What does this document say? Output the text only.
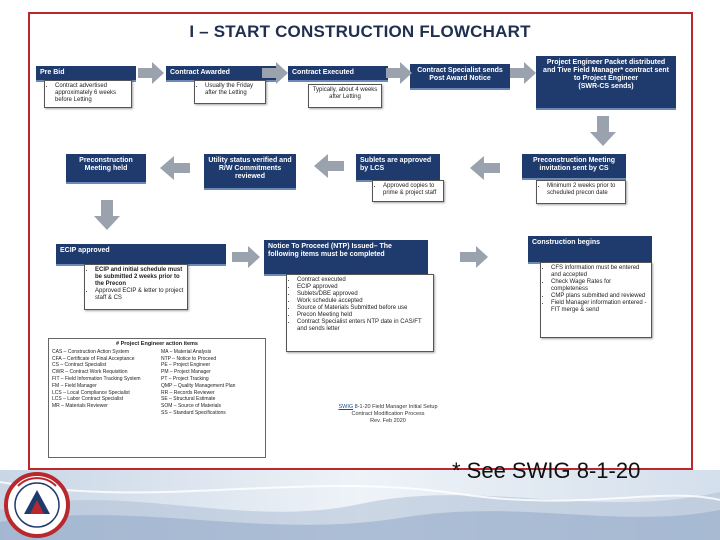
I – START CONSTRUCTION FLOWCHART
Pre Bid
• Contract advertised approximately 6 weeks before Letting
Contract Awarded
• Usually the Friday after the Letting
Contract Executed
Typically, about 4 weeks after Letting
Contract Specialist sends Post Award Notice
Project Engineer Packet distributed and Tive Field Manager* contract sent to Project Engineer
(SWR-CS sends)
Preconstruction Meeting held
Utility status verified and R/W Commitments reviewed
Sublets are approved by LCS
• Approved copies to prime & project staff
Preconstruction Meeting invitation sent by CS
• Minimum 2 weeks prior to scheduled precon date
ECIP approved
• ECIP and initial schedule must be submitted 2 weeks prior to the Precon
• Approved ECIP & letter to project staff & CS
Notice To Proceed (NTP) Issued– The following items must be completed
• Contract executed
• ECIP approved
• Sublets/DBE approved
• Work schedule accepted
• Source of Materials Submitted before use
• Precon Meeting held
• Contract Specialist enters NTP date in CAS/FT and sends letter
Construction begins
• CFS information must be entered and accepted
• Check Wage Rates for completeness
• CMP plans submitted and reviewed
• Field Manager information entered - FIT merge & send
# Project Engineer action items
CAS – Construction Action System
CFA – Certificate of Final Acceptance
CS – Contract Specialist
CWR – Contract Work Requisition
FIT – Field Information Tracking System
FM – Field Manager
LCS – Local Compliance Specialist
LCS – Labor Contract Specialist
MR – Materials Reviewer
MA – Material Analysis
NTP – Notice to Proceed
PE – Project Engineer
PM – Project Manager
PT – Project Tracking
QMP – Quality Management Plan
RR – Records Reviewer
SE – Structural Estimate
SOM – Source of Materials
SS – Standard Specifications
SWIG 8-1-20 Field Manager Initial Setup
Contract Modification Process
Rev. Feb 2020
* See SWIG 8-1-20
